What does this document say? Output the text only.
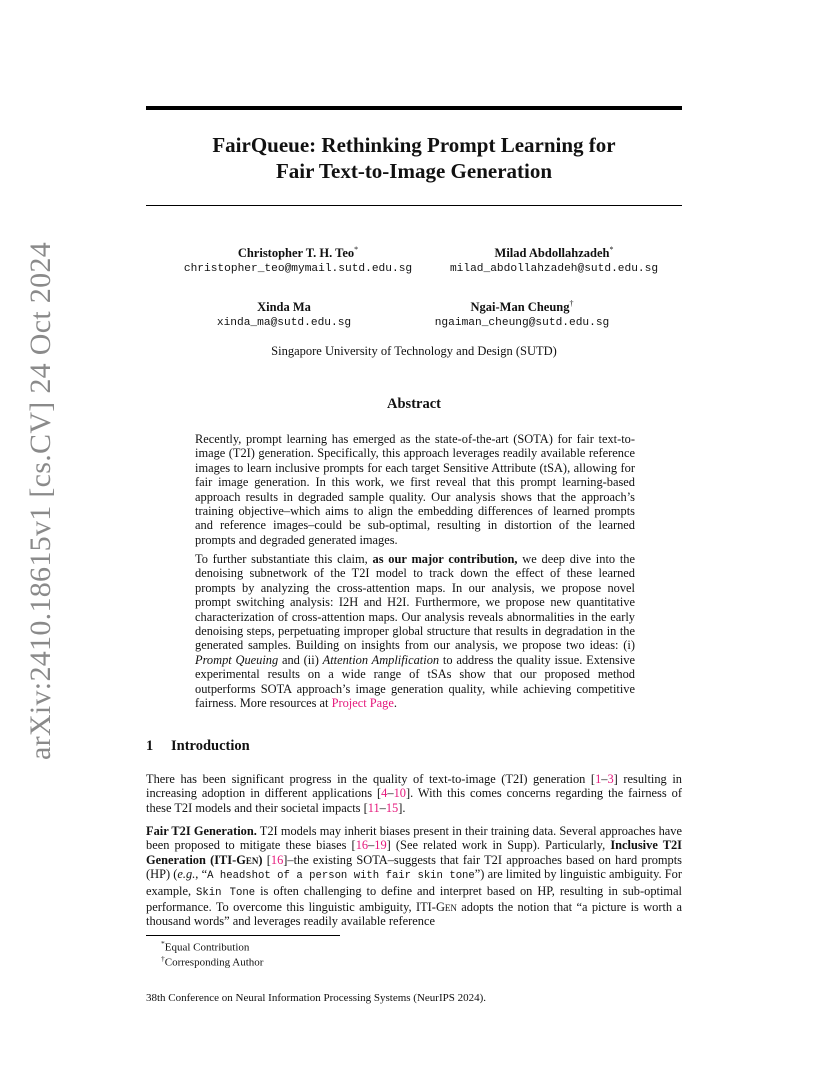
arXiv:2410.18615v1 [cs.CV] 24 Oct 2024
FairQueue: Rethinking Prompt Learning for
Fair Text-to-Image Generation
Christopher T. H. Teo*
christopher_teo@mymail.sutd.edu.sg
Milad Abdollahzadeh*
milad_abdollahzadeh@sutd.edu.sg
Xinda Ma
xinda_ma@sutd.edu.sg
Ngai-Man Cheung†
ngaiman_cheung@sutd.edu.sg
Singapore University of Technology and Design (SUTD)
Abstract

Recently, prompt learning has emerged as the state-of-the-art (SOTA) for fair text-to-image (T2I) generation. Specifically, this approach leverages readily available reference images to learn inclusive prompts for each target Sensitive Attribute (tSA), allowing for fair image generation. In this work, we first reveal that this prompt learning-based approach results in degraded sample quality. Our analysis shows that the approach’s training objective–which aims to align the embedding differences of learned prompts and reference images–could be sub-optimal, resulting in distortion of the learned prompts and degraded generated images.

To further substantiate this claim, as our major contribution, we deep dive into the denoising subnetwork of the T2I model to track down the effect of these learned prompts by analyzing the cross-attention maps. In our analysis, we propose novel prompt switching analysis: I2H and H2I. Furthermore, we propose new quantitative characterization of cross-attention maps. Our analysis reveals abnormalities in the early denoising steps, perpetuating improper global structure that results in degradation in the generated samples. Building on insights from our analysis, we propose two ideas: (i) Prompt Queuing and (ii) Attention Amplification to address the quality issue. Extensive experimental results on a wide range of tSAs show that our proposed method outperforms SOTA approach’s image generation quality, while achieving competitive fairness. More resources at Project Page.

1 Introduction

There has been significant progress in the quality of text-to-image (T2I) generation [1–3] resulting in increasing adoption in different applications [4–10]. With this comes concerns regarding the fairness of these T2I models and their societal impacts [11–15].

Fair T2I Generation. T2I models may inherit biases present in their training data. Several approaches have been proposed to mitigate these biases [16–19] (See related work in Supp). Particularly, Inclusive T2I Generation (ITI-Gen) [16]–the existing SOTA–suggests that fair T2I approaches based on hard prompts (HP) (e.g., “A headshot of a person with fair skin tone”) are limited by linguistic ambiguity. For example, Skin Tone is often challenging to define and interpret based on HP, resulting in sub-optimal performance. To overcome this linguistic ambiguity, ITI-Gen adopts the notion that “a picture is worth a thousand words” and leverages readily available reference

*Equal Contribution
†Corresponding Author
38th Conference on Neural Information Processing Systems (NeurIPS 2024).
